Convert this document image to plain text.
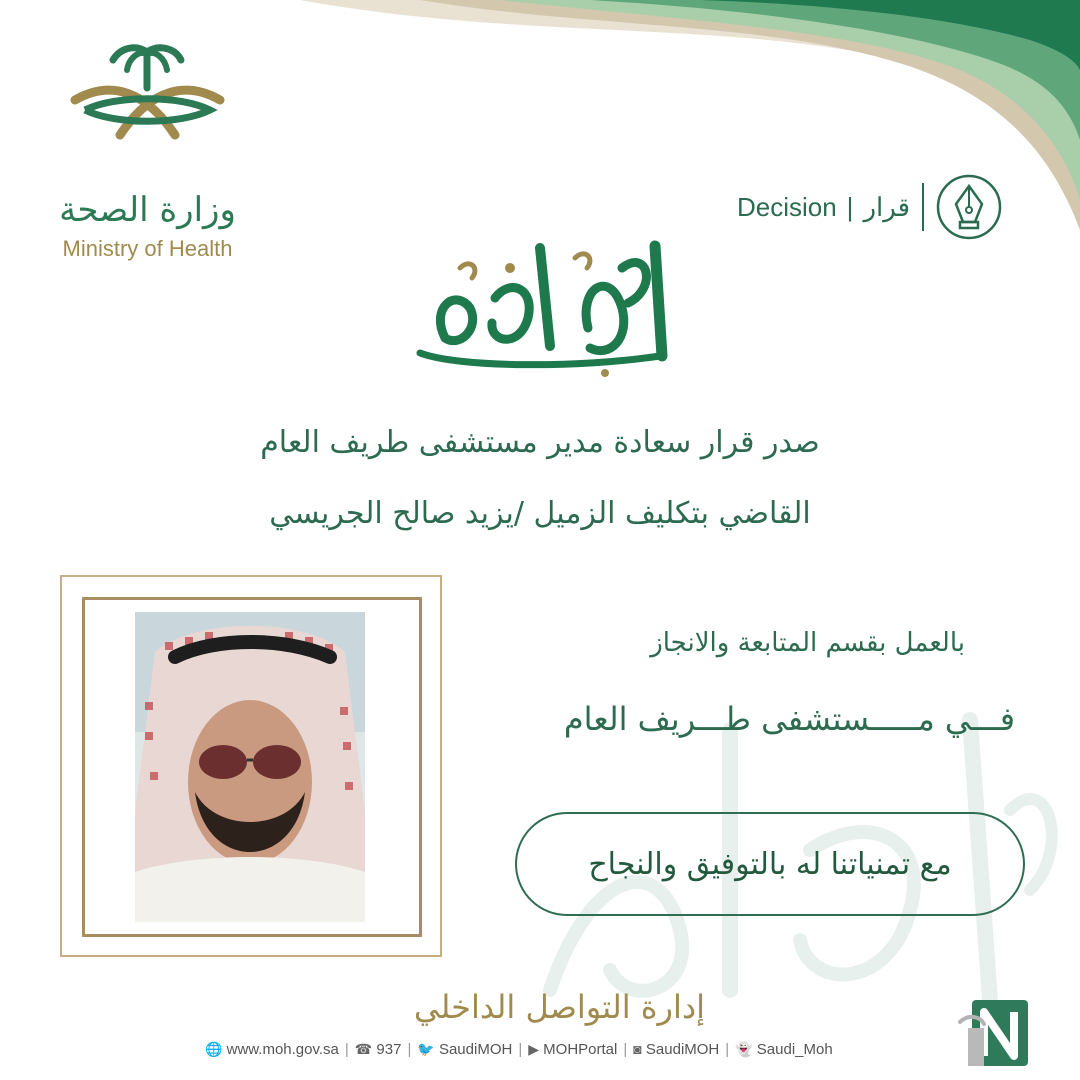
وزارة الصحة
Ministry of Health
Decision | قرار
صدر قرار سعادة مدير مستشفى طريف العام
القاضي بتكليف الزميل /يزيد صالح الجريسي
بالعمل بقسم المتابعة والانجاز
فـــي مـــــستشفى طـــريف العام
مع تمنياتنا له بالتوفيق والنجاح
إدارة التواصل الداخلي
🌐 www.moh.gov.sa | ☎ 937 | 🐦 SaudiMOH | ▶ MOHPortal | ◙ SaudiMOH | 👻 Saudi_Moh
